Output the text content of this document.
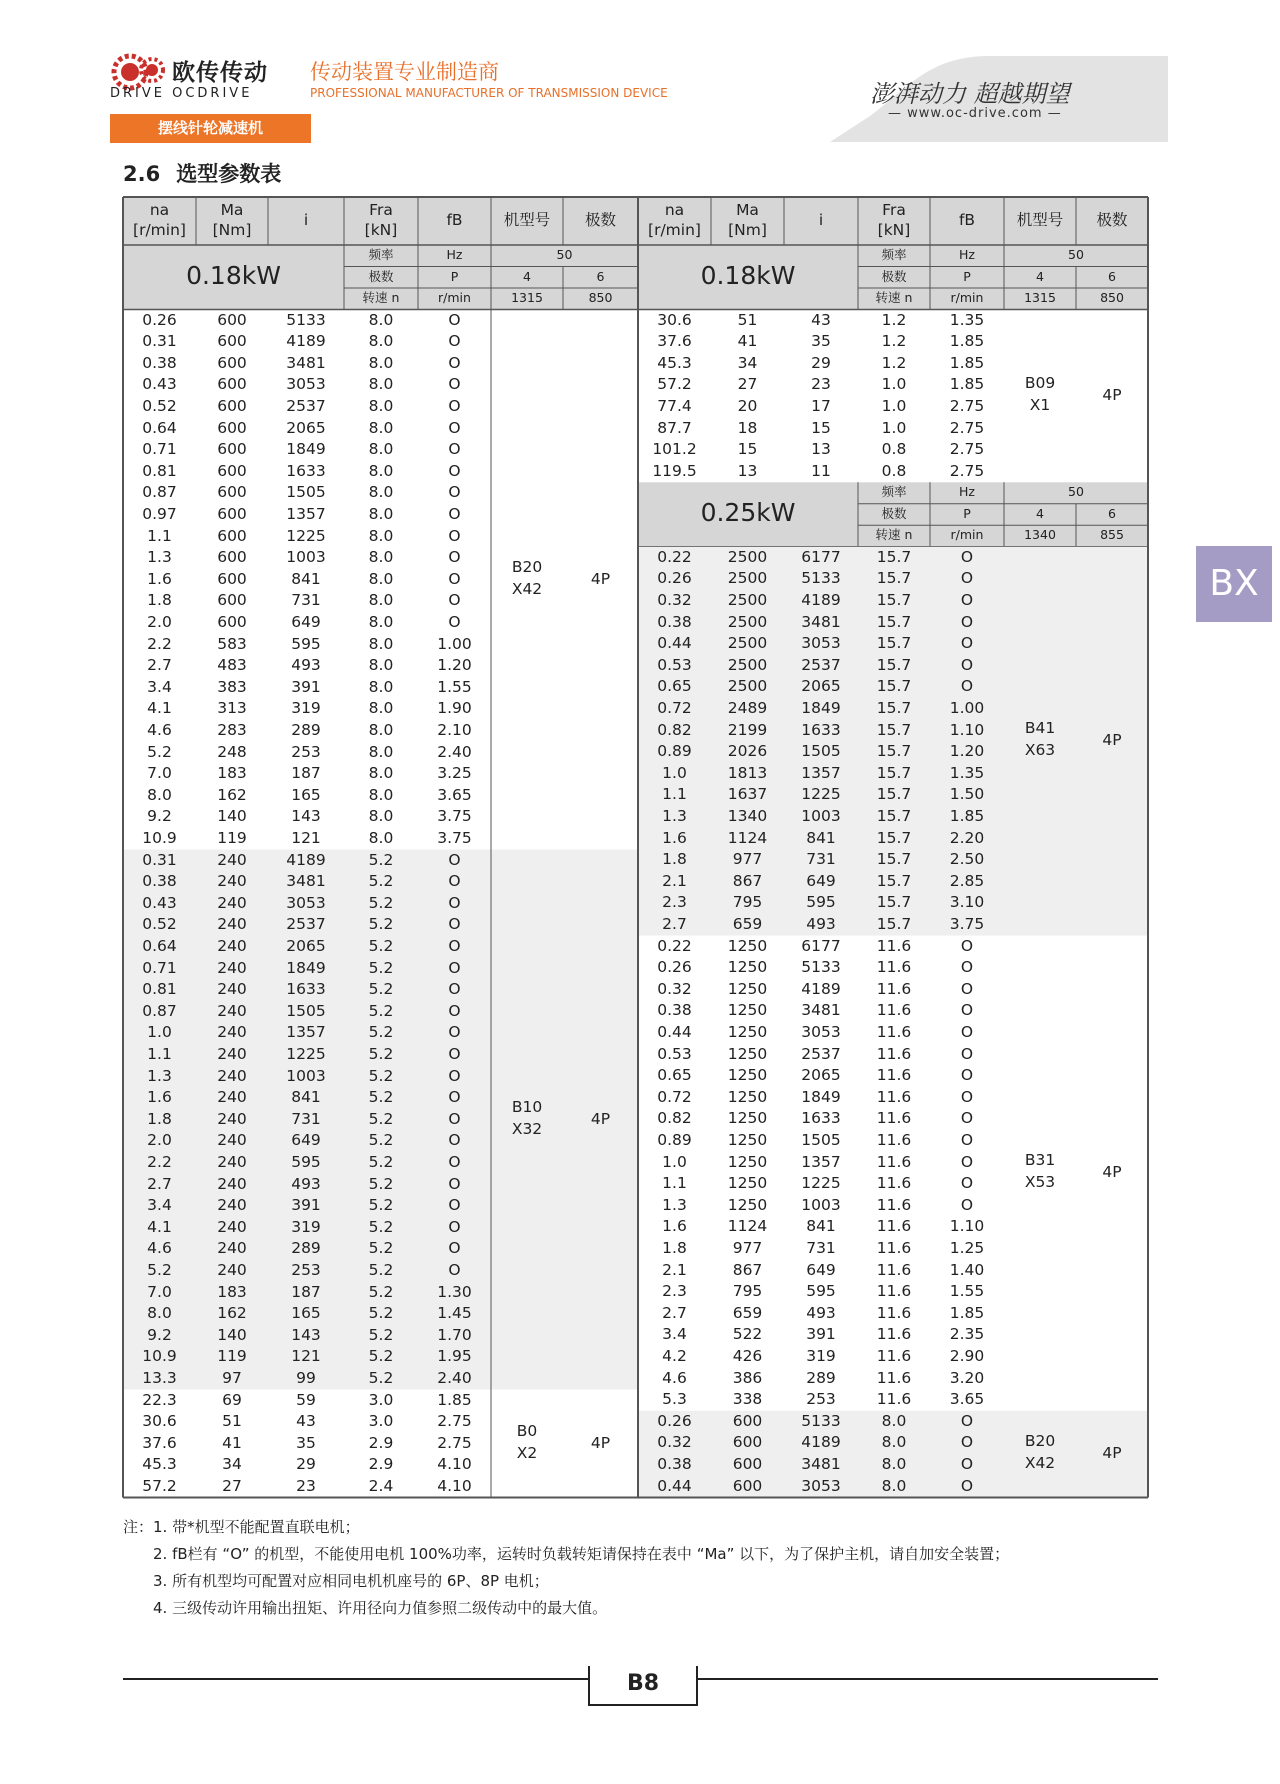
欧传传动
DRIVE OCDRIVE
传动装置专业制造商
PROFESSIONAL MANUFACTURER OF TRANSMISSION DEVICE	澎湃动力 超越期望
— www.oc-drive.com —
摆线针轮减速机
2.6 选型参数表
BX
na
[r/min]
Ma
[Nm]
i
Fra
[kN]
fB	机型号 极数
0.18kW
频率	Hz	50
极数	P	4	6
转速 n	r/min	1315	850
0.26	600	5133	8.0	O
0.31	600	4189	8.0	O
0.38	600	3481	8.0	O
0.43	600	3053	8.0	O
0.52	600	2537	8.0	O
0.64	600	2065	8.0	O
0.71	600	1849	8.0	O
0.81	600	1633	8.0	O
0.87	600	1505	8.0	O
0.97	600	1357	8.0	O
1.1	600	1225	8.0	O
1.3	600	1003	8.0	O
1.6	600	841	8.0	O
1.8	600	731	8.0	O
2.0	600	649	8.0	O
2.2	583	595	8.0	1.00
2.7	483	493	8.0	1.20
3.4	383	391	8.0	1.55
4.1	313	319	8.0	1.90
4.6	283	289	8.0	2.10
5.2	248	253	8.0	2.40
7.0	183	187	8.0	3.25
8.0	162	165	8.0	3.65
9.2	140	143	8.0	3.75
10.9	119	121	8.0	3.75
B20
X42
4P
0.31	240	4189	5.2	O
0.38	240	3481	5.2	O
0.43	240	3053	5.2	O
0.52	240	2537	5.2	O
0.64	240	2065	5.2	O
0.71	240	1849	5.2	O
0.81	240	1633	5.2	O
0.87	240	1505	5.2	O
1.0	240	1357	5.2	O
1.1	240	1225	5.2	O
1.3	240	1003	5.2	O
1.6	240	841	5.2	O
1.8	240	731	5.2	O
2.0	240	649	5.2	O
2.2	240	595	5.2	O
2.7	240	493	5.2	O
3.4	240	391	5.2	O
4.1	240	319	5.2	O
4.6	240	289	5.2	O
5.2	240	253	5.2	O
7.0	183	187	5.2	1.30
8.0	162	165	5.2	1.45
9.2	140	143	5.2	1.70
10.9	119	121	5.2	1.95
13.3	97	99	5.2	2.40
B10
X32
4P
22.3	69	59	3.0	1.85
30.6	51	43	3.0	2.75
37.6	41	35	2.9	2.75
45.3	34	29	2.9	4.10
57.2	27	23	2.4	4.10
B0
X2
4P
na
[r/min]
Ma
[Nm]
i
Fra
[kN]
fB	机型号 极数
0.18kW
频率	Hz	50
极数	P	4	6
转速 n	r/min	1315	850
30.6	51	43	1.2	1.35
37.6	41	35	1.2	1.85
45.3	34	29	1.2	1.85
57.2	27	23	1.0	1.85
77.4	20	17	1.0	2.75
87.7	18	15	1.0	2.75
101.2	15	13	0.8	2.75
119.5	13	11	0.8	2.75
B09
X1
4P
0.25kW
频率	Hz	50
极数	P	4	6
转速 n	r/min	1340	855
0.22 2500 6177 15.7	O
0.26 2500 5133 15.7	O
0.32 2500 4189 15.7	O
0.38 2500 3481 15.7	O
0.44 2500 3053 15.7	O
0.53 2500 2537 15.7	O
0.65 2500 2065 15.7	O
0.72 2489 1849 15.7 1.00
0.82 2199 1633 15.7 1.10
0.89 2026 1505 15.7 1.20
1.0	1813 1357 15.7 1.35
1.1	1637 1225 15.7 1.50
1.3	1340 1003 15.7 1.85
1.6	1124	841	15.7 2.20
1.8	977	731	15.7 2.50
2.1	867	649	15.7 2.85
2.3	795	595	15.7 3.10
2.7	659	493	15.7 3.75
B41
X63
4P
0.22 1250 6177 11.6	O
0.26 1250 5133 11.6	O
0.32 1250 4189 11.6	O
0.38 1250 3481 11.6	O
0.44 1250 3053 11.6	O
0.53 1250 2537 11.6	O
0.65 1250 2065 11.6	O
0.72 1250 1849 11.6	O
0.82 1250 1633 11.6	O
0.89 1250 1505 11.6	O
1.0	1250 1357 11.6	O
1.1	1250 1225 11.6	O
1.3	1250 1003 11.6	O
1.6	1124	841	11.6 1.10
1.8	977	731	11.6 1.25
2.1	867	649	11.6 1.40
2.3	795	595	11.6 1.55
2.7	659	493	11.6 1.85
3.4	522	391	11.6 2.35
4.2	426	319	11.6 2.90
4.6	386	289	11.6 3.20
5.3	338	253	11.6 3.65
B31
X53
4P
0.26	600	5133	8.0	O
0.32	600	4189	8.0	O
0.38	600	3481	8.0	O
0.44	600	3053	8.0	O
B20
X42
4P
注：1. 带*机型不能配置直联电机；
2. fB栏有 “O” 的机型，不能使用电机 100%功率，运转时负载转矩请保持在表中 “Ma” 以下，为了保护主机，请自加安全装置；
3. 所有机型均可配置对应相同电机机座号的 6P、8P 电机；
4. 三级传动许用输出扭矩、许用径向力值参照二级传动中的最大值。
B8
